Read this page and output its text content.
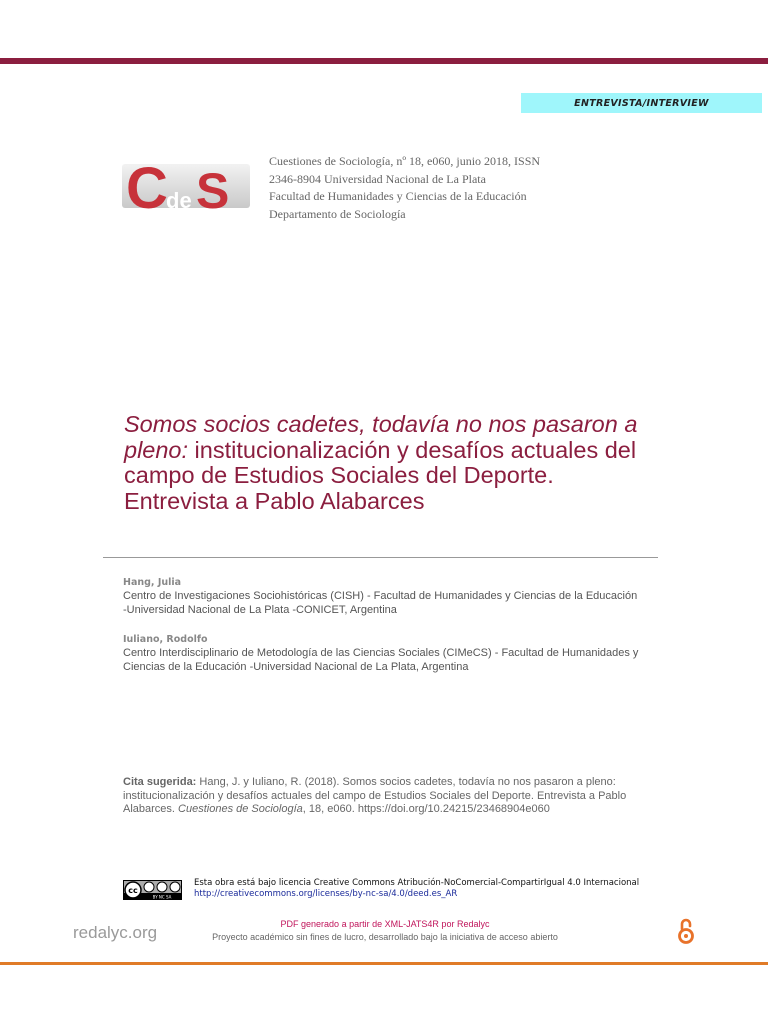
ENTREVISTA/INTERVIEW
C S
de
Cuestiones de Sociología, nº 18, e060, junio 2018, ISSN
2346-8904 Universidad Nacional de La Plata
Facultad de Humanidades y Ciencias de la Educación
Departamento de Sociología
Somos socios cadetes, todavía no nos pasaron a pleno: institucionalización y desafíos actuales del campo de Estudios Sociales del Deporte. Entrevista a Pablo Alabarces
Hang, Julia
Centro de Investigaciones Sociohistóricas (CISH) - Facultad de Humanidades y Ciencias de la Educación -Universidad Nacional de La Plata -CONICET, Argentina
Iuliano, Rodolfo
Centro Interdisciplinario de Metodología de las Ciencias Sociales (CIMeCS) - Facultad de Humanidades y Ciencias de la Educación -Universidad Nacional de La Plata, Argentina
Cita sugerida: Hang, J. y Iuliano, R. (2018). Somos socios cadetes, todavía no nos pasaron a pleno: institucionalización y desafíos actuales del campo de Estudios Sociales del Deporte. Entrevista a Pablo Alabarces. Cuestiones de Sociología, 18, e060. https://doi.org/10.24215/23468904e060
cc
BY NC SA
Esta obra está bajo licencia Creative Commons Atribución-NoComercial-CompartirIgual 4.0 Internacional
http://creativecommons.org/licenses/by-nc-sa/4.0/deed.es_AR
redalyc.org	PDF generado a partir de XML-JATS4R por Redalyc
Proyecto académico sin fines de lucro, desarrollado bajo la iniciativa de acceso abierto
